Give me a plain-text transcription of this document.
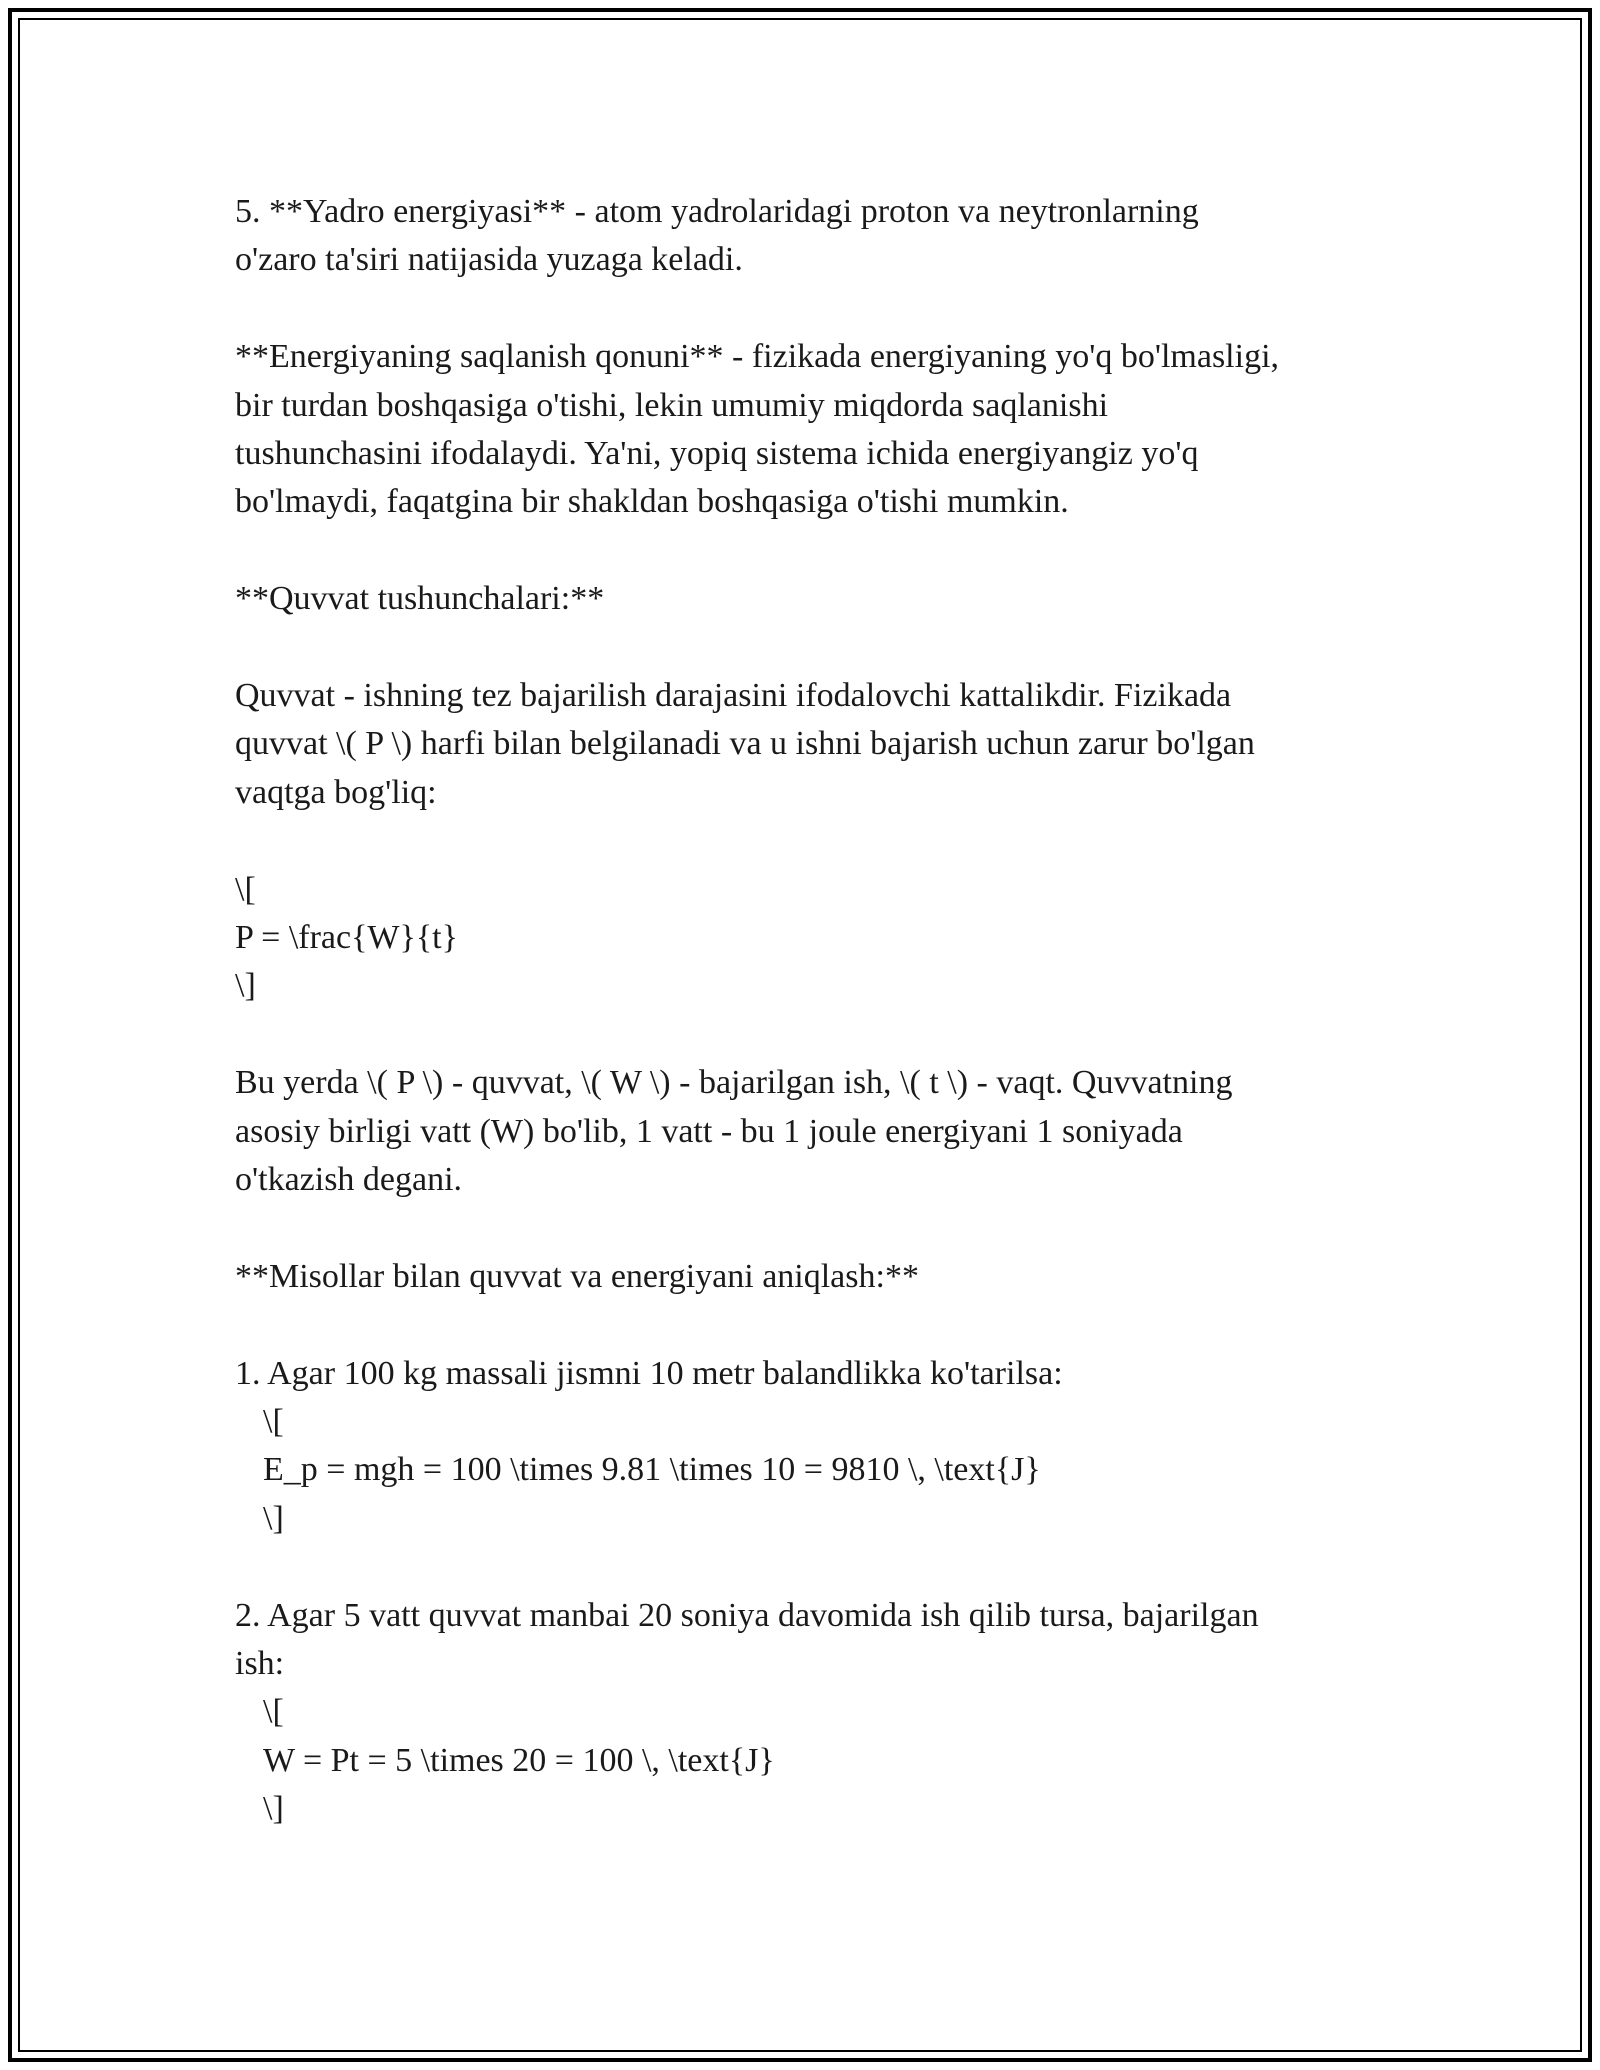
5. **Yadro energiyasi** - atom yadrolaridagi proton va neytronlarning

o'zaro ta'siri natijasida yuzaga keladi.

**Energiyaning saqlanish qonuni** - fizikada energiyaning yo'q bo'lmasligi,

bir turdan boshqasiga o'tishi, lekin umumiy miqdorda saqlanishi

tushunchasini ifodalaydi. Ya'ni, yopiq sistema ichida energiyangiz yo'q

bo'lmaydi, faqatgina bir shakldan boshqasiga o'tishi mumkin.

**Quvvat tushunchalari:**

Quvvat - ishning tez bajarilish darajasini ifodalovchi kattalikdir. Fizikada

quvvat \( P \) harfi bilan belgilanadi va u ishni bajarish uchun zarur bo'lgan

vaqtga bog'liq:

\[

P = \frac{W}{t}

\]

Bu yerda \( P \) - quvvat, \( W \) - bajarilgan ish, \( t \) - vaqt. Quvvatning

asosiy birligi vatt (W) bo'lib, 1 vatt - bu 1 joule energiyani 1 soniyada

o'tkazish degani.

**Misollar bilan quvvat va energiyani aniqlash:**

1. Agar 100 kg massali jismni 10 metr balandlikka ko'tarilsa:

\[

E_p = mgh = 100 \times 9.81 \times 10 = 9810 \, \text{J}

\]

2. Agar 5 vatt quvvat manbai 20 soniya davomida ish qilib tursa, bajarilgan

ish:

\[

W = Pt = 5 \times 20 = 100 \, \text{J}

\]
